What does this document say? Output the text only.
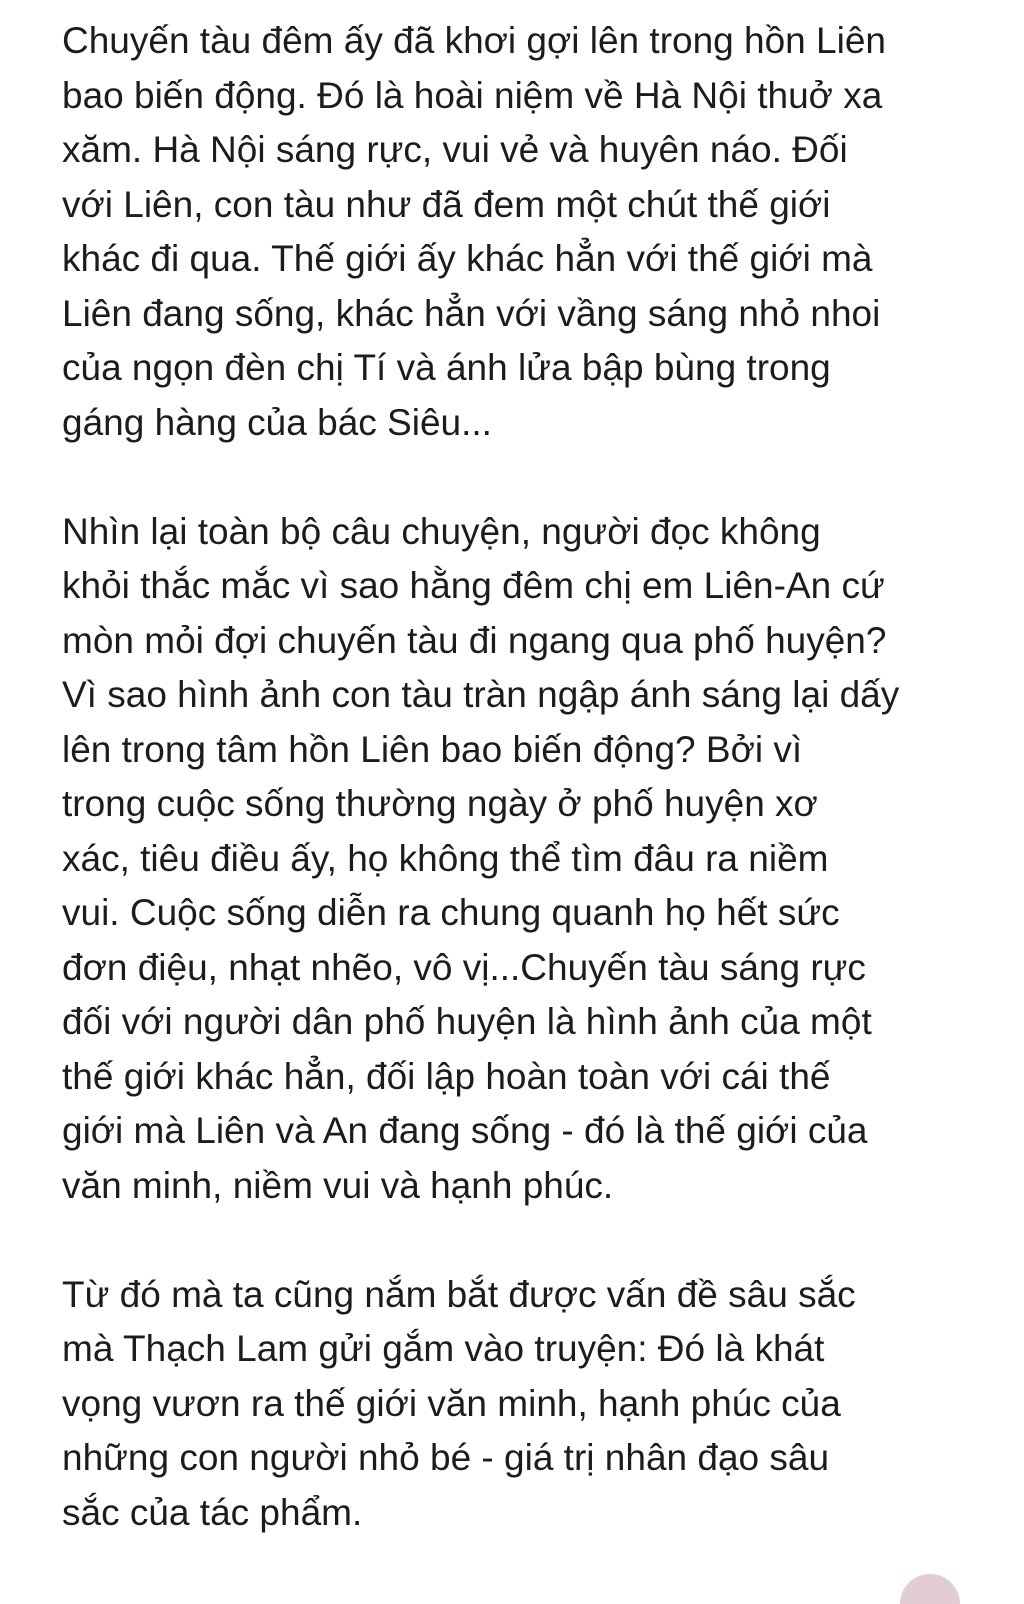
Chuyến tàu đêm ấy đã khơi gợi lên trong hồn Liên
bao biến động. Đó là hoài niệm về Hà Nội thuở xa
xăm. Hà Nội sáng rực, vui vẻ và huyên náo. Đối
với Liên, con tàu như đã đem một chút thế giới
khác đi qua. Thế giới ấy khác hẳn với thế giới mà
Liên đang sống, khác hẳn với vầng sáng nhỏ nhoi
của ngọn đèn chị Tí và ánh lửa bập bùng trong
gáng hàng của bác Siêu...

Nhìn lại toàn bộ câu chuyện, người đọc không
khỏi thắc mắc vì sao hằng đêm chị em Liên-An cứ
mòn mỏi đợi chuyến tàu đi ngang qua phố huyện?
Vì sao hình ảnh con tàu tràn ngập ánh sáng lại dấy
lên trong tâm hồn Liên bao biến động? Bởi vì
trong cuộc sống thường ngày ở phố huyện xơ
xác, tiêu điều ấy, họ không thể tìm đâu ra niềm
vui. Cuộc sống diễn ra chung quanh họ hết sức
đơn điệu, nhạt nhẽo, vô vị...Chuyến tàu sáng rực
đối với người dân phố huyện là hình ảnh của một
thế giới khác hẳn, đối lập hoàn toàn với cái thế
giới mà Liên và An đang sống - đó là thế giới của
văn minh, niềm vui và hạnh phúc.

Từ đó mà ta cũng nắm bắt được vấn đề sâu sắc
mà Thạch Lam gửi gắm vào truyện: Đó là khát
vọng vươn ra thế giới văn minh, hạnh phúc của
những con người nhỏ bé - giá trị nhân đạo sâu
sắc của tác phẩm.
